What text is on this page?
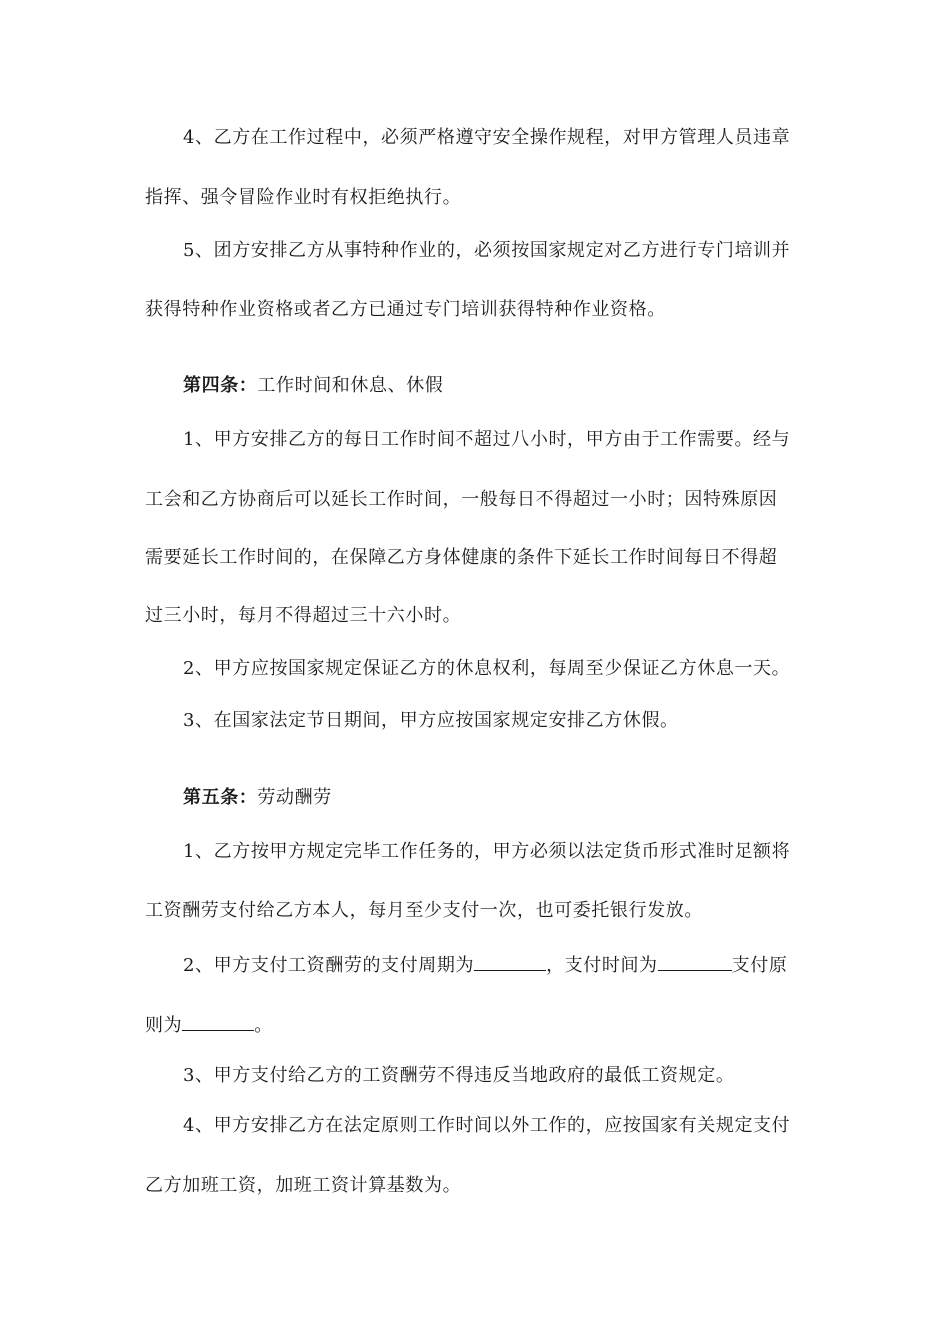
4、乙方在工作过程中，必须严格遵守安全操作规程，对甲方管理人员违章
指挥、强令冒险作业时有权拒绝执行。
5、团方安排乙方从事特种作业的，必须按国家规定对乙方进行专门培训并
获得特种作业资格或者乙方已通过专门培训获得特种作业资格。
第四条：工作时间和休息、休假
1、甲方安排乙方的每日工作时间不超过八小时，甲方由于工作需要。经与
工会和乙方协商后可以延长工作时间，一般每日不得超过一小时；因特殊原因
需要延长工作时间的，在保障乙方身体健康的条件下延长工作时间每日不得超
过三小时，每月不得超过三十六小时。
2、甲方应按国家规定保证乙方的休息权利，每周至少保证乙方休息一天。
3、在国家法定节日期间，甲方应按国家规定安排乙方休假。
第五条：劳动酬劳
1、乙方按甲方规定完毕工作任务的，甲方必须以法定货币形式准时足额将
工资酬劳支付给乙方本人，每月至少支付一次，也可委托银行发放。
2、甲方支付工资酬劳的支付周期为	，支付时间为	支付原
则为	。
3、甲方支付给乙方的工资酬劳不得违反当地政府的最低工资规定。
4、甲方安排乙方在法定原则工作时间以外工作的，应按国家有关规定支付
乙方加班工资，加班工资计算基数为。
